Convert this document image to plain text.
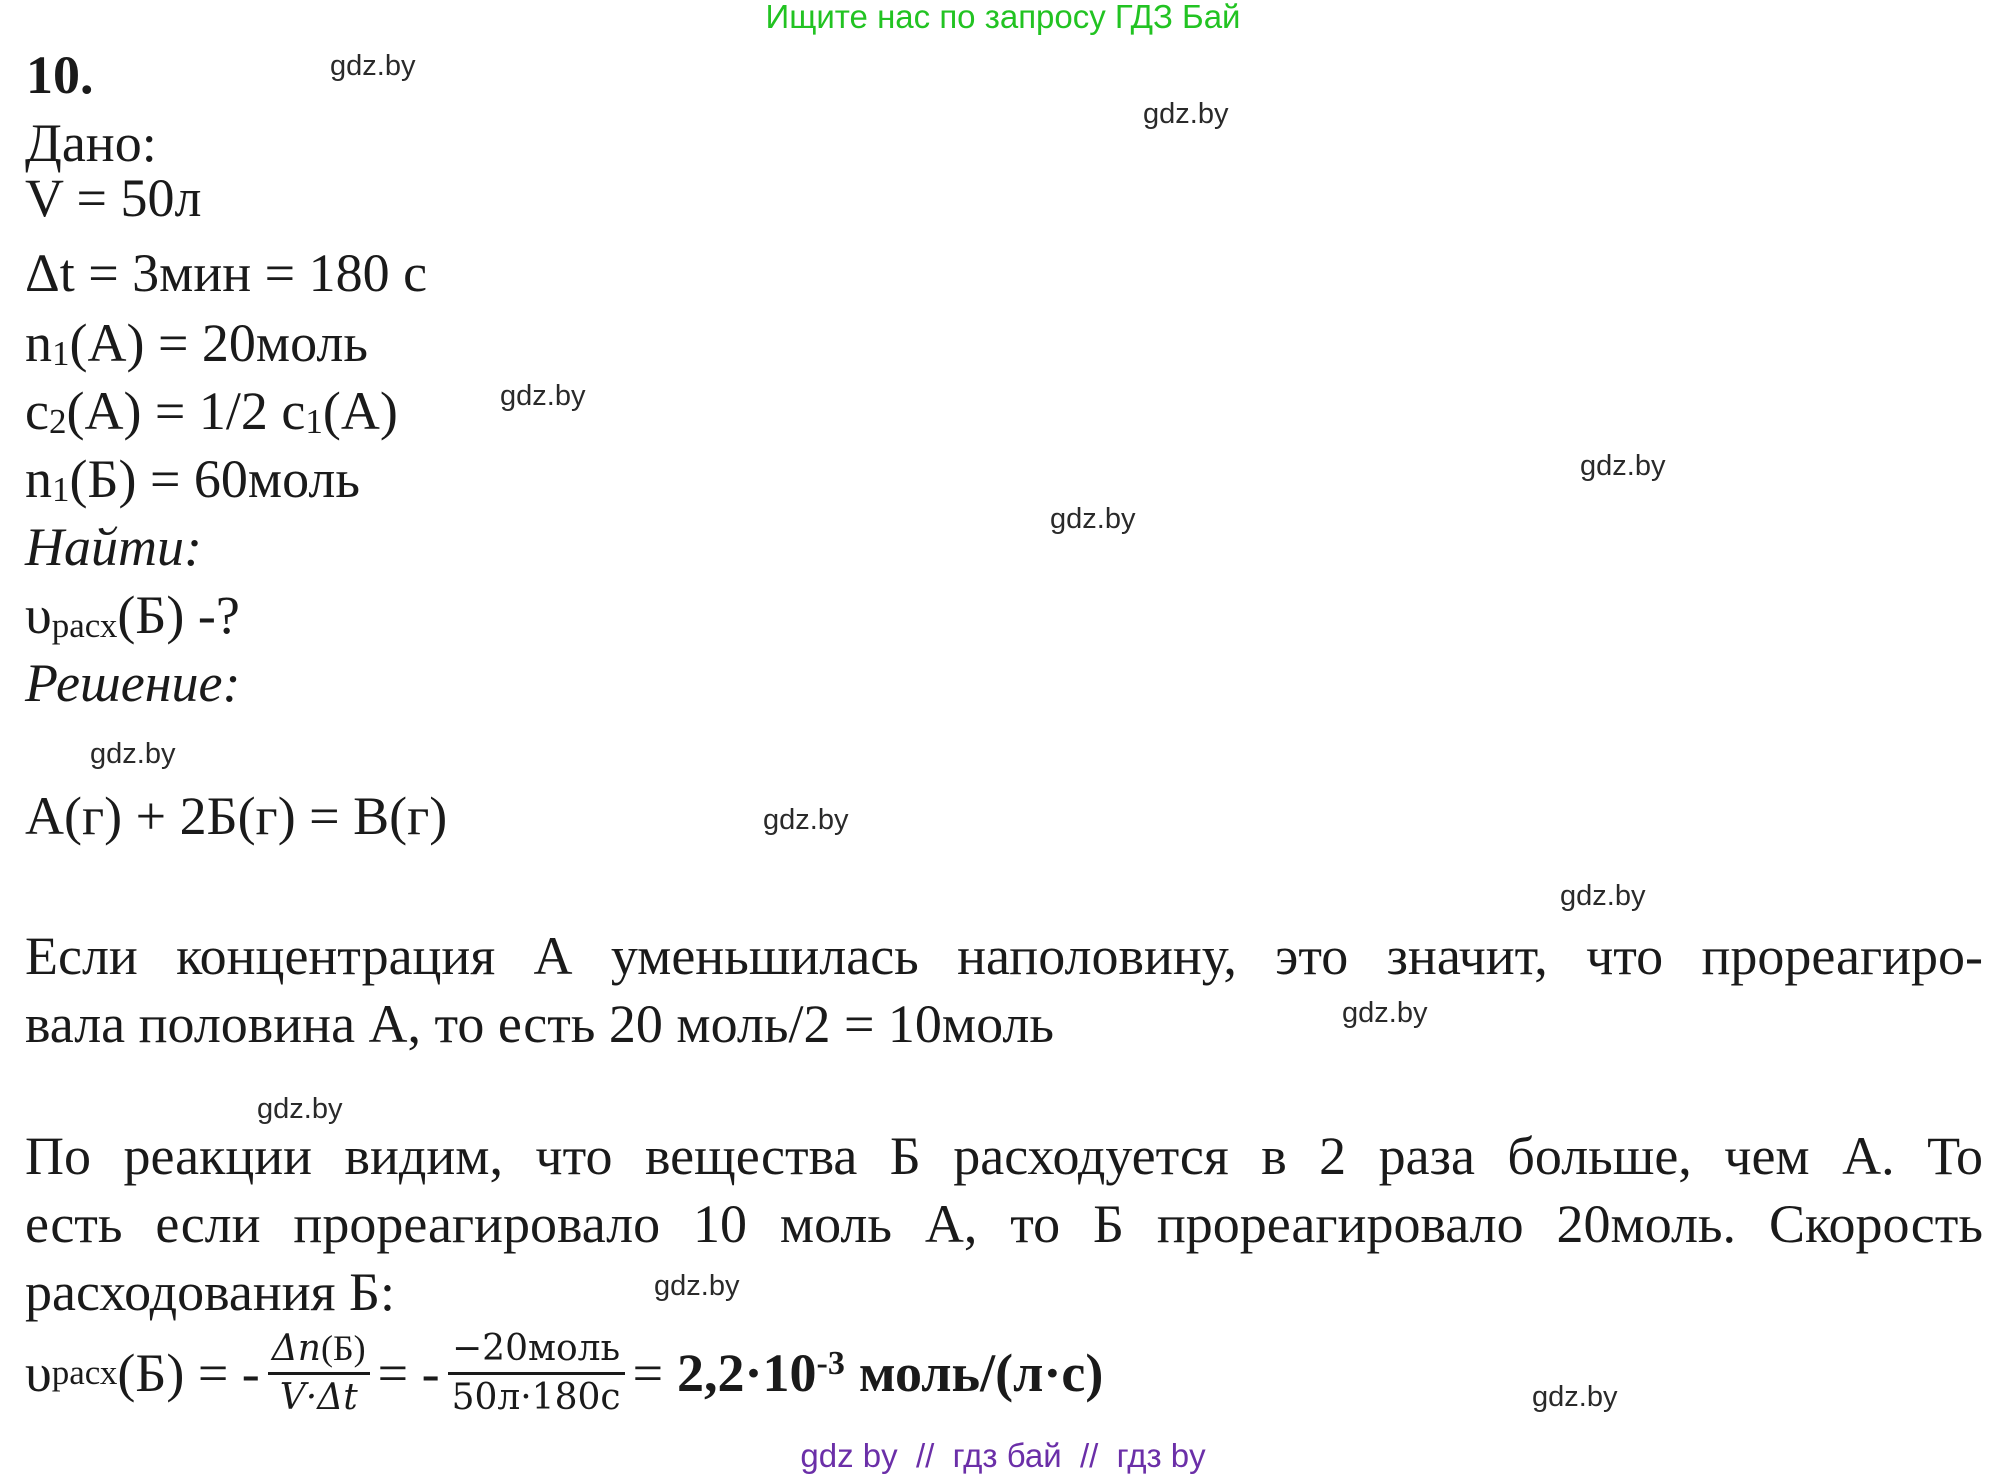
Ищите нас по запросу ГДЗ Бай
10.
Дано:
V = 50л
Δt = 3мин = 180 с
n1(А) = 20моль
c2(А) = 1/2 c1(А)
n1(Б) = 60моль
Найти:
υрасх(Б) -?
Решение:
А(г) + 2Б(г) = В(г)
Если концентрация А уменьшилась наполовину, это значит, что прореагиро-
вала половина А, то есть 20 моль/2 = 10моль
По реакции видим, что вещества Б расходуется в 2 раза больше, чем А. То
есть если прореагировало 10 моль А, то Б прореагировало 20моль. Скорость
расходования Б:
υ расх (Б) = - $\frac{\Delta n(Б)}{V\cdot\Delta t}$ = - $\frac{\text{−20моль}}{50л\cdot 180с} = 2,2\cdot 10^{-3}$ моль/(л·с)
gdz.by
gdz.by
gdz.by
gdz.by
gdz.by
gdz.by
gdz.by
gdz.by
gdz.by
gdz.by
gdz.by
gdz.by
gdz by  //  гдз бай  //  гдз by
